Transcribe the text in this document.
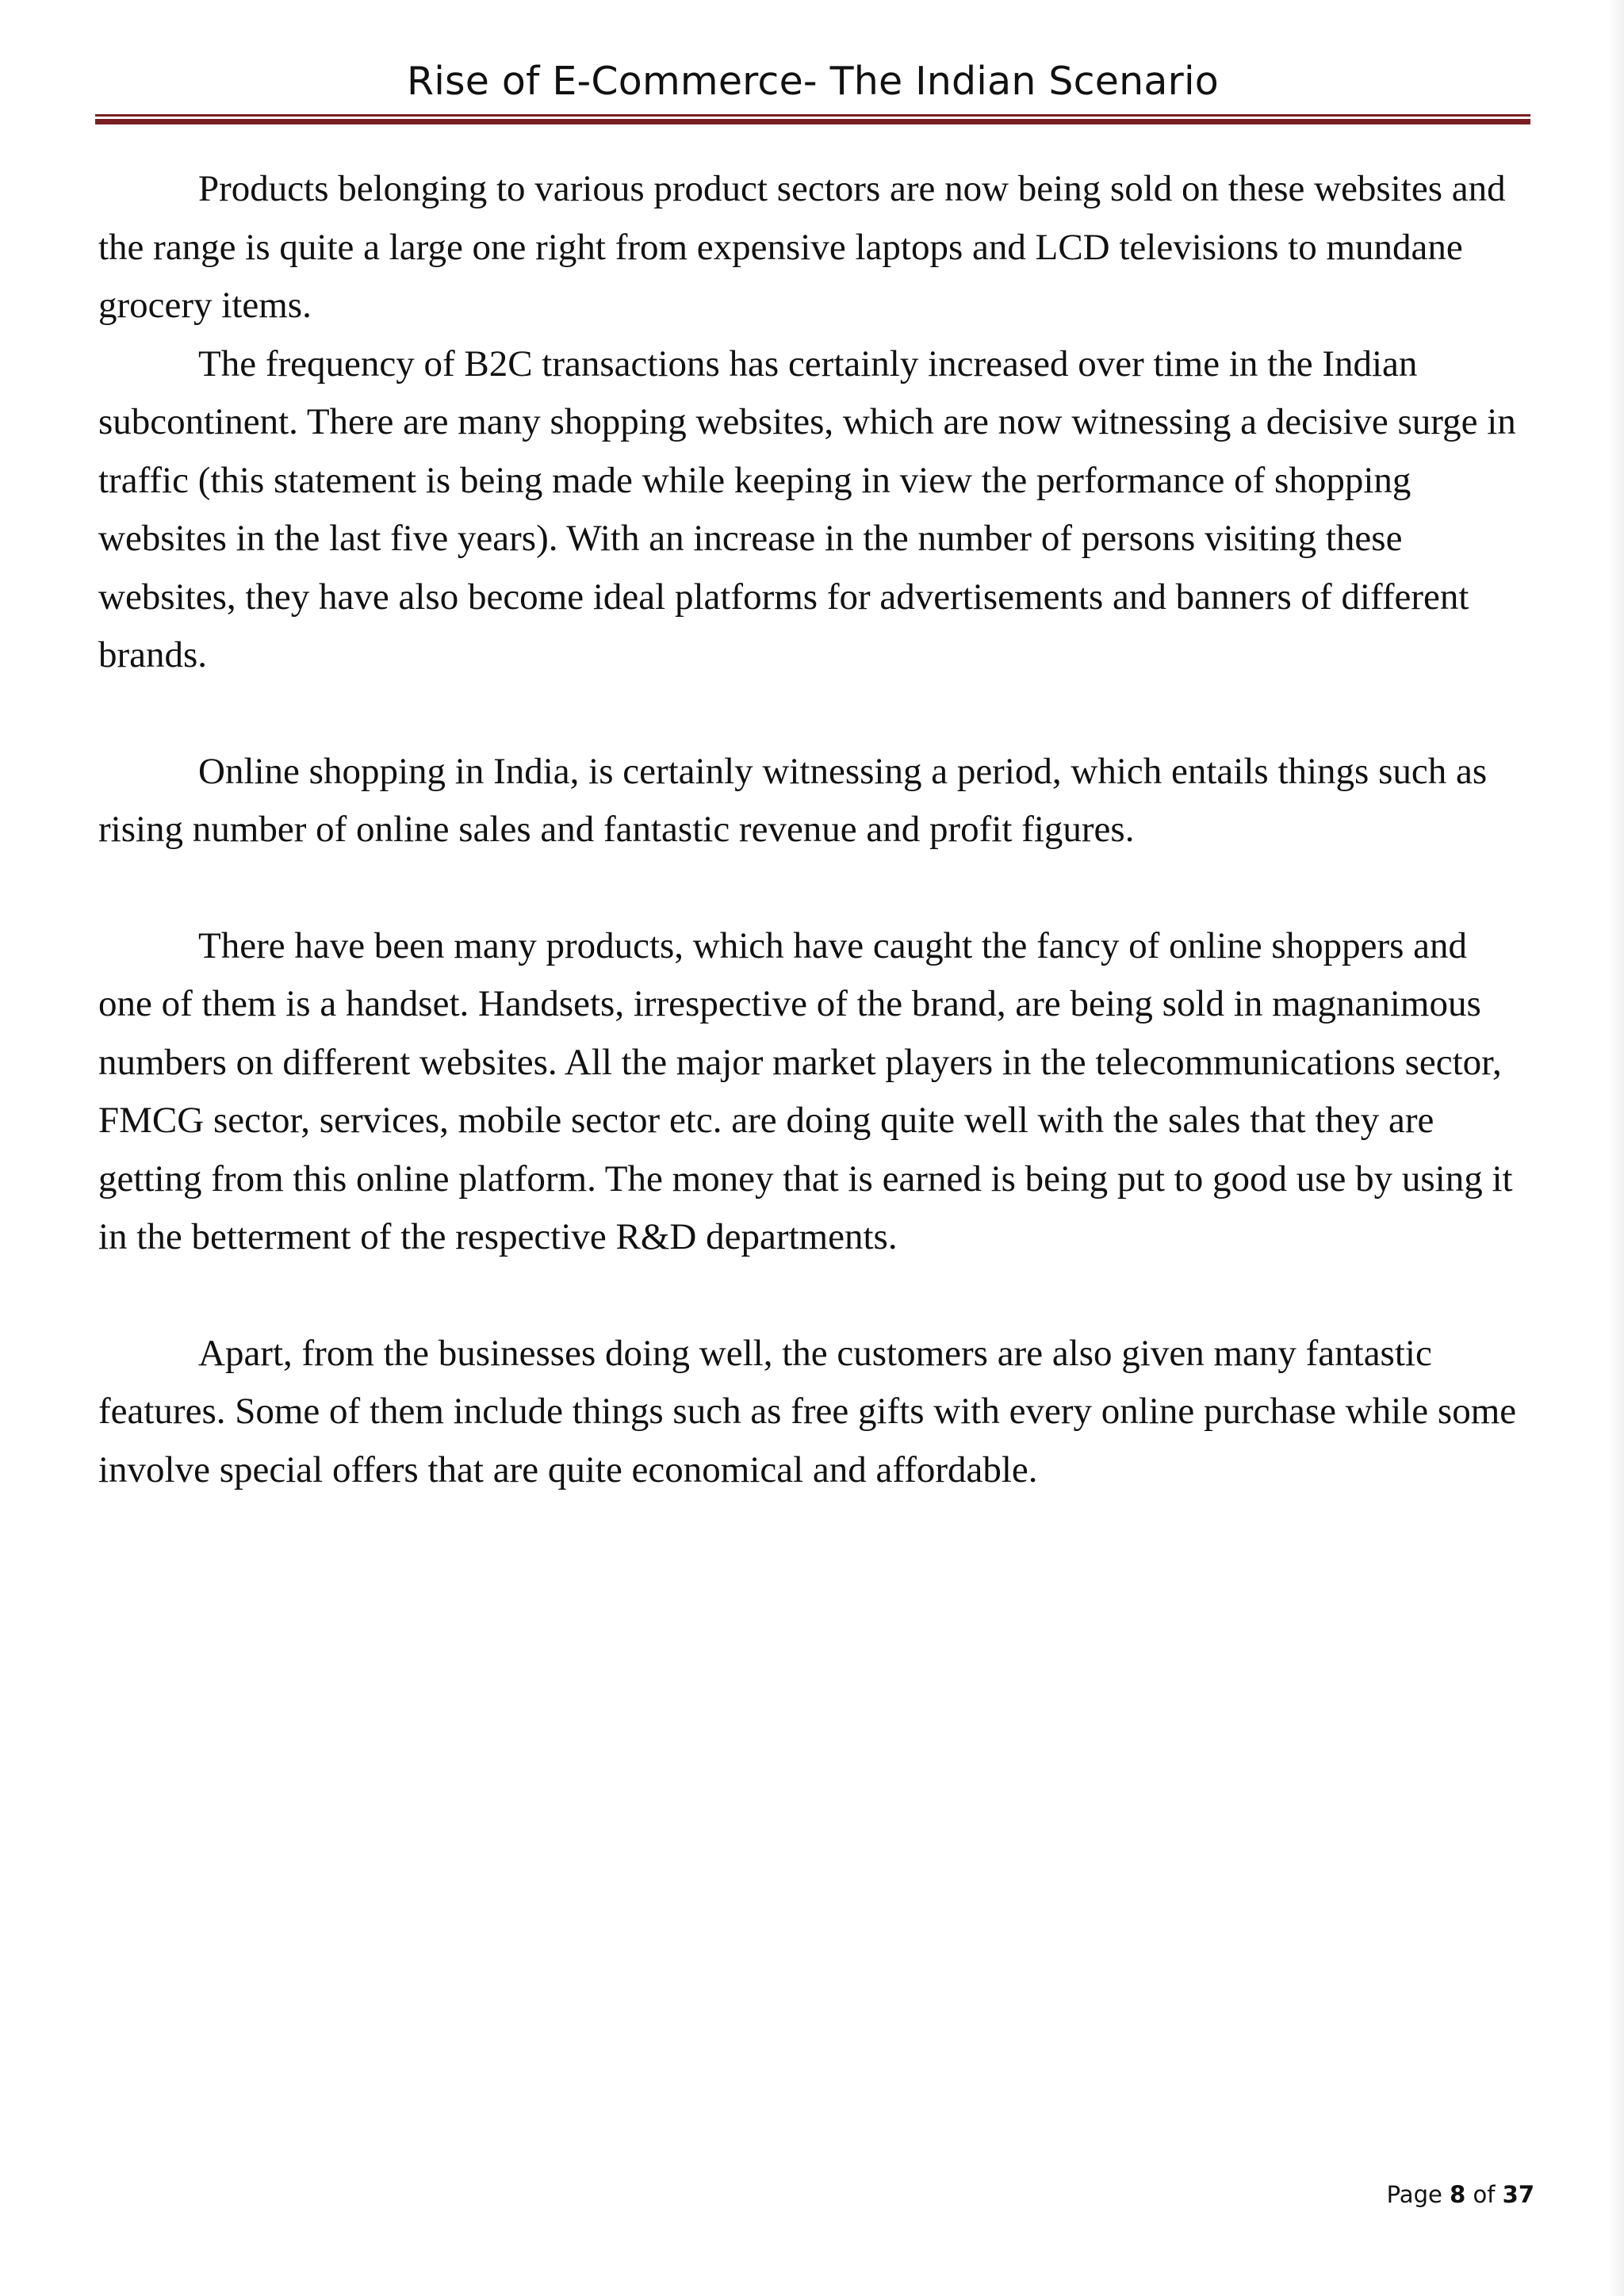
Rise of E-Commerce- The Indian Scenario

Products belonging to various product sectors are now being sold on these websites and the range is quite a large one right from expensive laptops and LCD televisions to mundane grocery items.

The frequency of B2C transactions has certainly increased over time in the Indian subcontinent. There are many shopping websites, which are now witnessing a decisive surge in traffic (this statement is being made while keeping in view the performance of shopping websites in the last five years). With an increase in the number of persons visiting these websites, they have also become ideal platforms for advertisements and banners of different brands.

Online shopping in India, is certainly witnessing a period, which entails things such as rising number of online sales and fantastic revenue and profit figures.

There have been many products, which have caught the fancy of online shoppers and one of them is a handset. Handsets, irrespective of the brand, are being sold in magnanimous numbers on different websites. All the major market players in the telecommunications sector, FMCG sector, services, mobile sector etc. are doing quite well with the sales that they are getting from this online platform. The money that is earned is being put to good use by using it in the betterment of the respective R&D departments.

Apart, from the businesses doing well, the customers are also given many fantastic features. Some of them include things such as free gifts with every online purchase while some involve special offers that are quite economical and affordable.

Page 8 of 37
